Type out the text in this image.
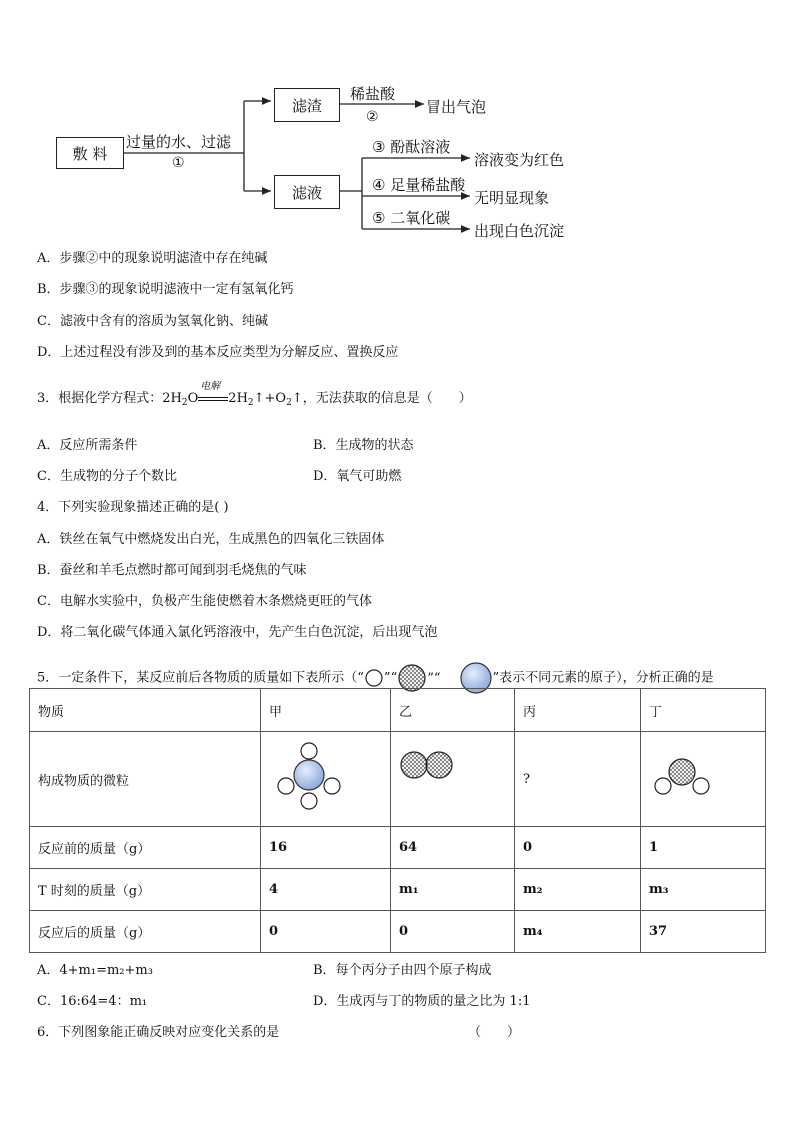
敷 料
滤渣
滤液
过量的水、过滤
①
稀盐酸
②
冒出气泡
③ 酚酞溶液
溶液变为红色
④ 足量稀盐酸
无明显现象
⑤ 二氧化碳
出现白色沉淀
A．步骤②中的现象说明滤渣中存在纯碱
B．步骤③的现象说明滤液中一定有氢氧化钙
C．滤液中含有的溶质为氢氧化钠、纯碱
D．上述过程没有涉及到的基本反应类型为分解反应、置换反应
3．根据化学方程式：$2H_2O$
电解
$2H_2↑+O_2↑$，无法获取的信息是（　　）
A．反应所需条件	B．生成物的状态
C．生成物的分子个数比	D．氧气可助燃
4．下列实验现象描述正确的是( )
A．铁丝在氧气中燃烧发出白光，生成黑色的四氧化三铁固体
B．蚕丝和羊毛点燃时都可闻到羽毛烧焦的气味
C．电解水实验中，负极产生能使燃着木条燃烧更旺的气体
D．将二氧化碳气体通入氯化钙溶液中，先产生白色沉淀，后出现气泡
5．一定条件下，某反应前后各物质的质量如下表所示（“ ”“ ”“	”表示不同元素的原子），分析正确的是
物质	甲	乙	丙	丁
构成物质的微粒			?	
反应前的质量（g）	16	64	0	1
T 时刻的质量（g）	4	m₁	m₂	m₃
反应后的质量（g）	0	0	m₄	37
A．4+m₁=m₂+m₃	B．每个丙分子由四个原子构成
C．16:64=4：m₁	D．生成丙与丁的物质的量之比为 1:1
6．下列图象能正确反映对应变化关系的是	（　　）
